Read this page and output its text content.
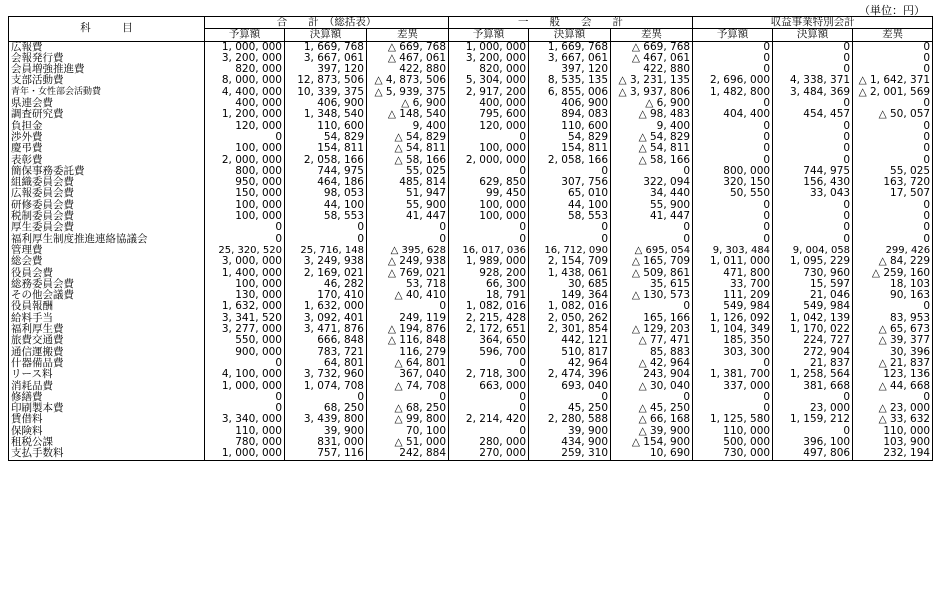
（単位：円）
科　　　目	合　　計　（総括表）			一　　般　　会　　計			収益事業特別会計		
	予算額	決算額	差異	予算額	決算額	差異	予算額	決算額	差異
広報費	1, 000, 000	1, 669, 768	△ 669, 768	1, 000, 000	1, 669, 768	△ 669, 768	0	0	0
会報発行費	3, 200, 000	3, 667, 061	△ 467, 061	3, 200, 000	3, 667, 061	△ 467, 061	0	0	0
会員増強推進費	820, 000	397, 120	422, 880	820, 000	397, 120	422, 880	0	0	0
支部活動費	8, 000, 000	12, 873, 506	△ 4, 873, 506	5, 304, 000	8, 535, 135	△ 3, 231, 135	2, 696, 000	4, 338, 371	△ 1, 642, 371
青年・女性部会活動費	4, 400, 000	10, 339, 375	△ 5, 939, 375	2, 917, 200	6, 855, 006	△ 3, 937, 806	1, 482, 800	3, 484, 369	△ 2, 001, 569
県連会費	400, 000	406, 900	△ 6, 900	400, 000	406, 900	△ 6, 900	0	0	0
調査研究費	1, 200, 000	1, 348, 540	△ 148, 540	795, 600	894, 083	△ 98, 483	404, 400	454, 457	△ 50, 057
負担金	120, 000	110, 600	9, 400	120, 000	110, 600	9, 400	0	0	0
渉外費	0	54, 829	△ 54, 829	0	54, 829	△ 54, 829	0	0	0
慶弔費	100, 000	154, 811	△ 54, 811	100, 000	154, 811	△ 54, 811	0	0	0
表彰費	2, 000, 000	2, 058, 166	△ 58, 166	2, 000, 000	2, 058, 166	△ 58, 166	0	0	0
簡保事務委託費	800, 000	744, 975	55, 025	0	0	0	800, 000	744, 975	55, 025
組織委員会費	950, 000	464, 186	485, 814	629, 850	307, 756	322, 094	320, 150	156, 430	163, 720
広報委員会費	150, 000	98, 053	51, 947	99, 450	65, 010	34, 440	50, 550	33, 043	17, 507
研修委員会費	100, 000	44, 100	55, 900	100, 000	44, 100	55, 900	0	0	0
税制委員会費	100, 000	58, 553	41, 447	100, 000	58, 553	41, 447	0	0	0
厚生委員会費	0	0	0	0	0	0	0	0	0
福利厚生制度推進連絡協議会	0	0	0	0	0	0	0	0	0
管理費	25, 320, 520	25, 716, 148	△ 395, 628	16, 017, 036	16, 712, 090	△ 695, 054	9, 303, 484	9, 004, 058	299, 426
総会費	3, 000, 000	3, 249, 938	△ 249, 938	1, 989, 000	2, 154, 709	△ 165, 709	1, 011, 000	1, 095, 229	△ 84, 229
役員会費	1, 400, 000	2, 169, 021	△ 769, 021	928, 200	1, 438, 061	△ 509, 861	471, 800	730, 960	△ 259, 160
総務委員会費	100, 000	46, 282	53, 718	66, 300	30, 685	35, 615	33, 700	15, 597	18, 103
その他会議費	130, 000	170, 410	△ 40, 410	18, 791	149, 364	△ 130, 573	111, 209	21, 046	90, 163
役員報酬	1, 632, 000	1, 632, 000	0	1, 082, 016	1, 082, 016	0	549, 984	549, 984	0
給料手当	3, 341, 520	3, 092, 401	249, 119	2, 215, 428	2, 050, 262	165, 166	1, 126, 092	1, 042, 139	83, 953
福利厚生費	3, 277, 000	3, 471, 876	△ 194, 876	2, 172, 651	2, 301, 854	△ 129, 203	1, 104, 349	1, 170, 022	△ 65, 673
旅費交通費	550, 000	666, 848	△ 116, 848	364, 650	442, 121	△ 77, 471	185, 350	224, 727	△ 39, 377
通信運搬費	900, 000	783, 721	116, 279	596, 700	510, 817	85, 883	303, 300	272, 904	30, 396
什器備品費	0	64, 801	△ 64, 801	0	42, 964	△ 42, 964	0	21, 837	△ 21, 837
リース料	4, 100, 000	3, 732, 960	367, 040	2, 718, 300	2, 474, 396	243, 904	1, 381, 700	1, 258, 564	123, 136
消耗品費	1, 000, 000	1, 074, 708	△ 74, 708	663, 000	693, 040	△ 30, 040	337, 000	381, 668	△ 44, 668
修繕費	0	0	0	0	0	0	0	0	0
印刷製本費	0	68, 250	△ 68, 250	0	45, 250	△ 45, 250	0	23, 000	△ 23, 000
賃借料	3, 340, 000	3, 439, 800	△ 99, 800	2, 214, 420	2, 280, 588	△ 66, 168	1, 125, 580	1, 159, 212	△ 33, 632
保険料	110, 000	39, 900	70, 100	0	39, 900	△ 39, 900	110, 000	0	110, 000
租税公課	780, 000	831, 000	△ 51, 000	280, 000	434, 900	△ 154, 900	500, 000	396, 100	103, 900
支払手数料	1, 000, 000	757, 116	242, 884	270, 000	259, 310	10, 690	730, 000	497, 806	232, 194
